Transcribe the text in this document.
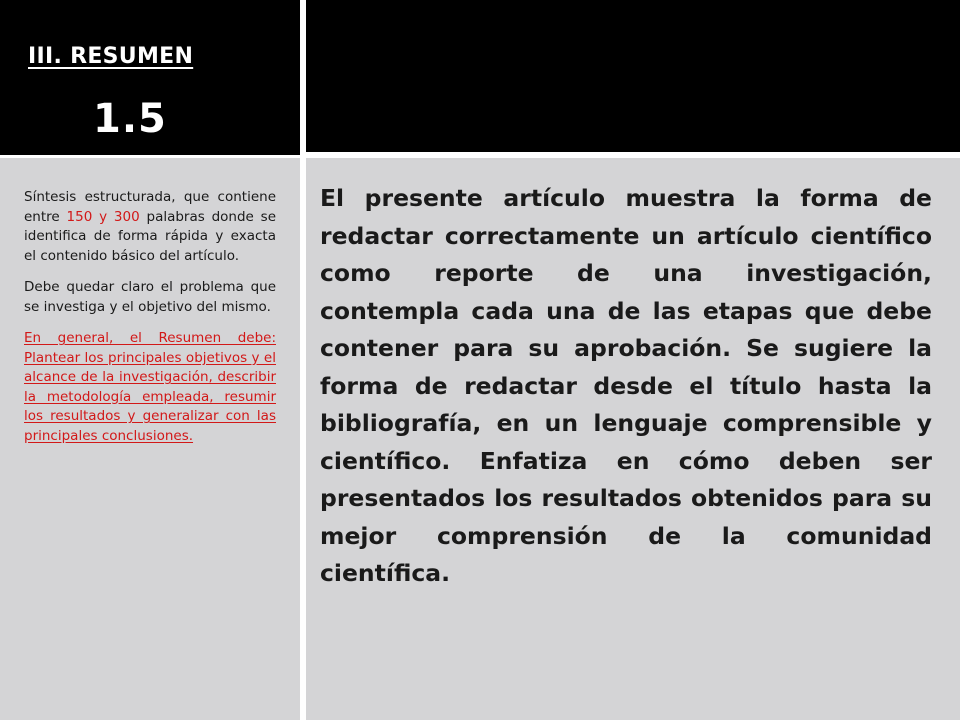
III. RESUMEN
1.5

Síntesis estructurada, que contiene entre 150 y 300 palabras donde se identifica de forma rápida y exacta el contenido básico del artículo.

Debe quedar claro el problema que se investiga y el objetivo del mismo.

En general, el Resumen debe: Plantear los principales objetivos y el alcance de la investigación, describir la metodología empleada, resumir los resultados y generalizar con las principales conclusiones.

El presente artículo muestra la forma de redactar correctamente un artículo científico como reporte de una investigación, contempla cada una de las etapas que debe contener para su aprobación. Se sugiere la forma de redactar desde el título hasta la bibliografía, en un lenguaje comprensible y científico. Enfatiza en cómo deben ser presentados los resultados obtenidos para su mejor comprensión de la comunidad científica.
